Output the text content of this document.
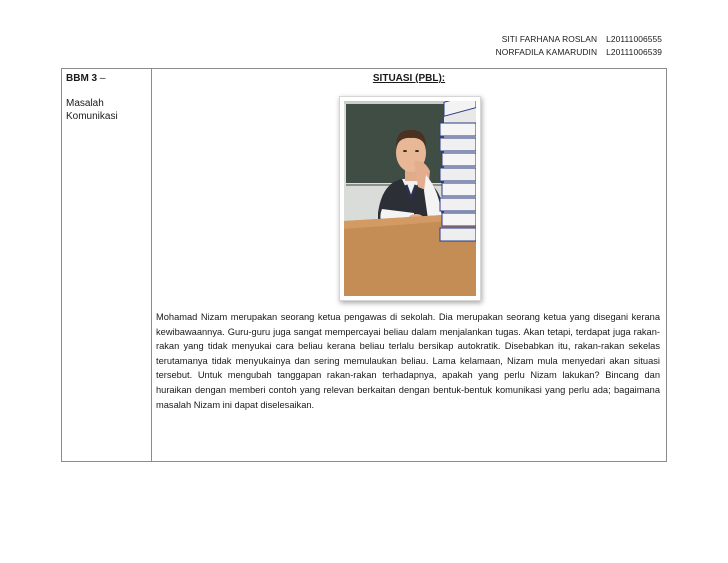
SITI FARHANA ROSLAN L20111006555
NORFADILA KAMARUDIN L20111006539
BBM 3 –
Masalah
Komunikasi
SITUASI (PBL):
Mohamad Nizam merupakan seorang ketua pengawas di sekolah. Dia merupakan seorang ketua yang disegani kerana kewibawaannya. Guru-guru juga sangat mempercayai beliau dalam menjalankan tugas. Akan tetapi, terdapat juga rakan-rakan yang tidak menyukai cara beliau kerana beliau terlalu bersikap autokratik. Disebabkan itu, rakan-rakan sekelas terutamanya tidak menyukainya dan sering memulaukan beliau. Lama kelamaan, Nizam mula menyedari akan situasi tersebut. Untuk mengubah tanggapan rakan-rakan terhadapnya, apakah yang perlu Nizam lakukan? Bincang dan huraikan dengan memberi contoh yang relevan berkaitan dengan bentuk-bentuk komunikasi yang perlu ada; bagaimana masalah Nizam ini dapat diselesaikan.
